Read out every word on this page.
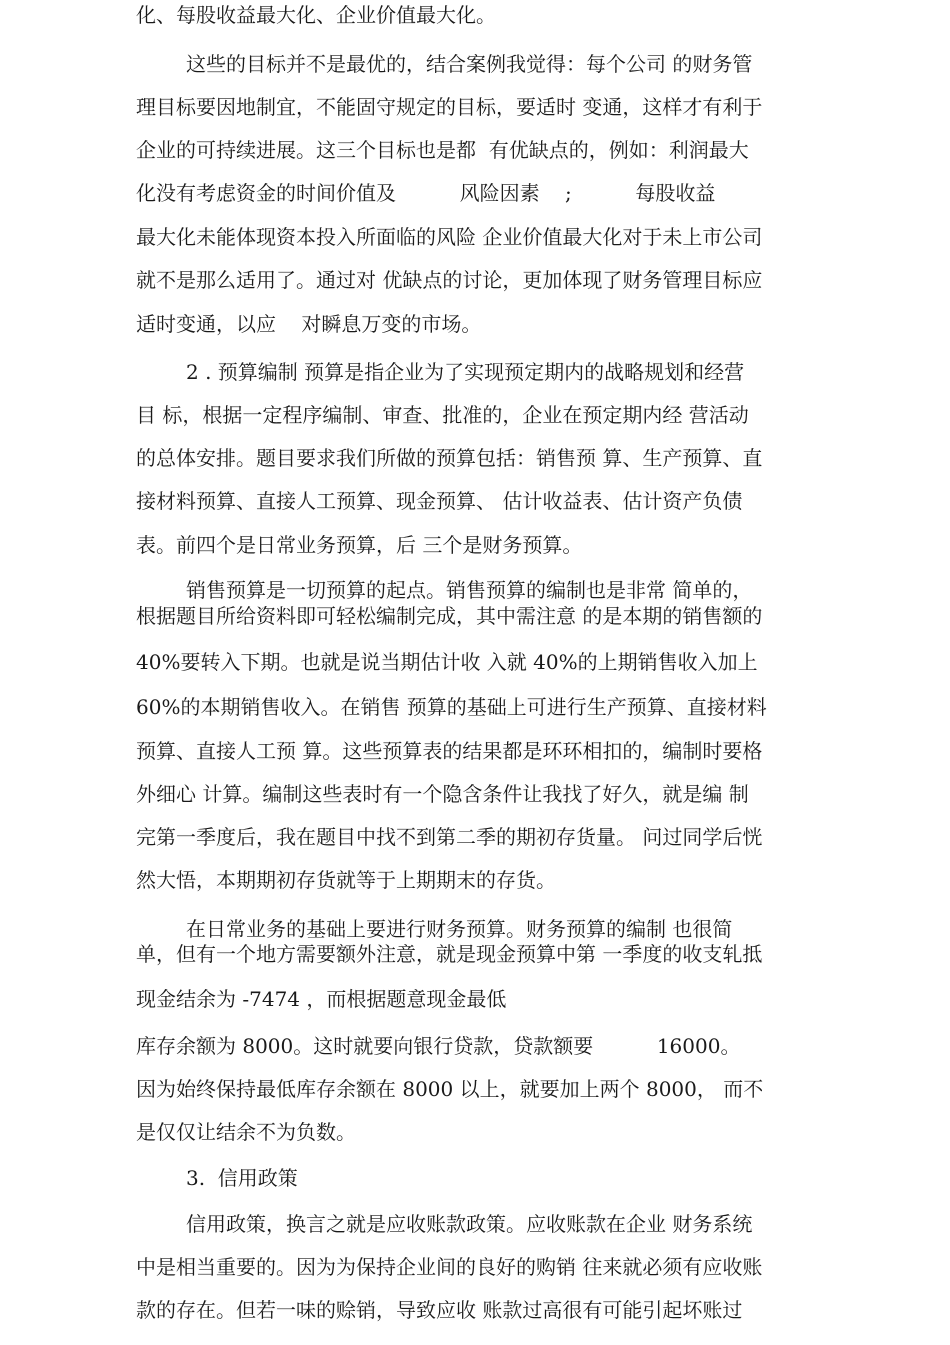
化、每股收益最大化、企业价值最大化。
这些的目标并不是最优的，结合案例我觉得：每个公司 的财务管
理目标要因地制宜，不能固守规定的目标，要适时 变通，这样才有利于
企业的可持续进展。这三个目标也是都  有优缺点的，例如：利润最大
化没有考虑资金的时间价值及          风险因素    ;          每股收益
最大化未能体现资本投入所面临的风险 企业价值最大化对于未上市公司
就不是那么适用了。通过对 优缺点的讨论，更加体现了财务管理目标应
适时变通，以应    对瞬息万变的市场。
2 . 预算编制 预算是指企业为了实现预定期内的战略规划和经营
目 标，根据一定程序编制、审查、批准的，企业在预定期内经 营活动
的总体安排。题目要求我们所做的预算包括：销售预 算、生产预算、直
接材料预算、直接人工预算、现金预算、 估计收益表、估计资产负债
表。前四个是日常业务预算，后 三个是财务预算。
销售预算是一切预算的起点。销售预算的编制也是非常 简单的，
根据题目所给资料即可轻松编制完成，其中需注意 的是本期的销售额的
40%要转入下期。也就是说当期估计收 入就 40%的上期销售收入加上
60%的本期销售收入。在销售 预算的基础上可进行生产预算、直接材料
预算、直接人工预 算。这些预算表的结果都是环环相扣的，编制时要格
外细心 计算。编制这些表时有一个隐含条件让我找了好久，就是编 制
完第一季度后，我在题目中找不到第二季的期初存货量。 问过同学后恍
然大悟，本期期初存货就等于上期期末的存货。
在日常业务的基础上要进行财务预算。财务预算的编制 也很简
单，但有一个地方需要额外注意，就是现金预算中第 一季度的收支轧抵
现金结余为 -7474 ，而根据题意现金最低
库存余额为 8000。这时就要向银行贷款，贷款额要          16000。
因为始终保持最低库存余额在 8000 以上，就要加上两个 8000， 而不
是仅仅让结余不为负数。
3.  信用政策
信用政策，换言之就是应收账款政策。应收账款在企业 财务系统
中是相当重要的。因为为保持企业间的良好的购销 往来就必须有应收账
款的存在。但若一味的赊销，导致应收 账款过高很有可能引起坏账过
